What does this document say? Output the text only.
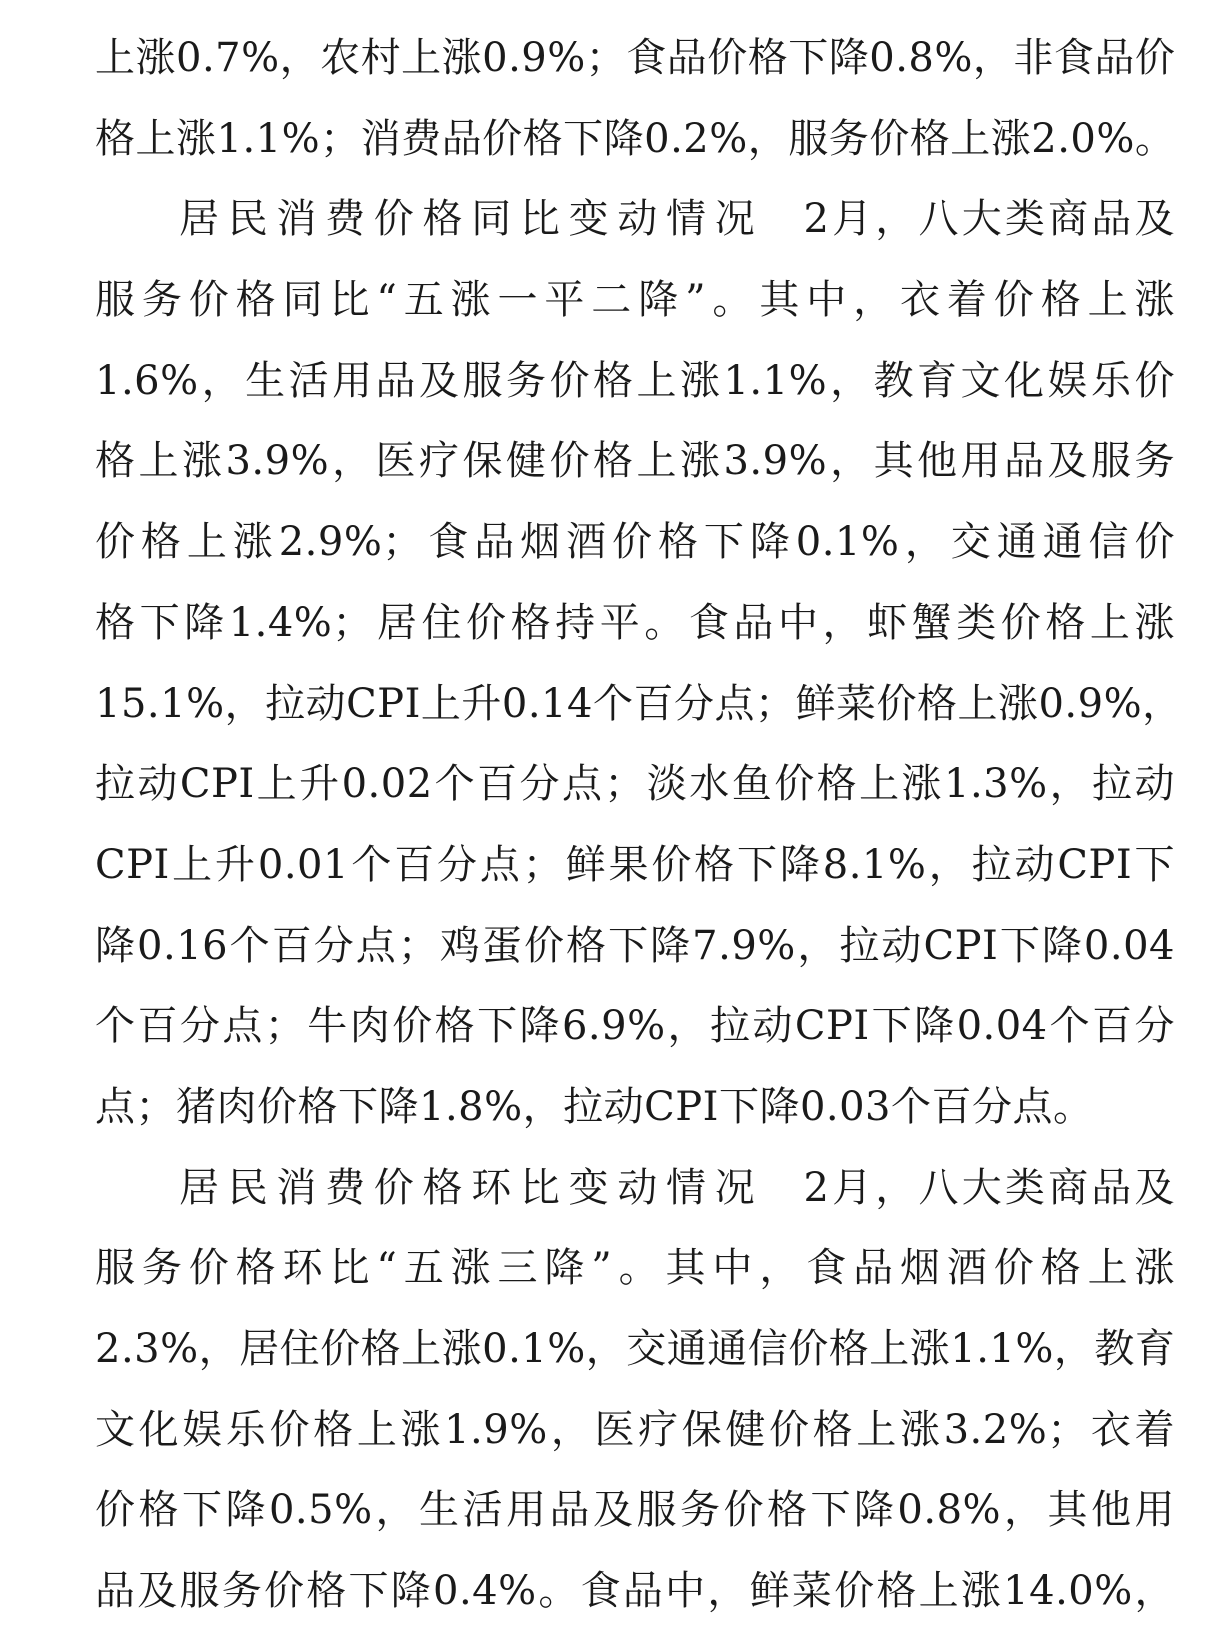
上涨0.7%，农村上涨0.9%；食品价格下降0.8%，非食品价
格上涨1.1%；消费品价格下降0.2%，服务价格上涨2.0%。
居民消费价格同比变动情况 2月，八大类商品及
服务价格同比“五涨一平二降”。其中，衣着价格上涨
1.6%，生活用品及服务价格上涨1.1%，教育文化娱乐价
格上涨3.9%，医疗保健价格上涨3.9%，其他用品及服务
价格上涨2.9%；食品烟酒价格下降0.1%，交通通信价
格下降1.4%；居住价格持平。食品中，虾蟹类价格上涨
15.1%，拉动CPI上升0.14个百分点；鲜菜价格上涨0.9%，
拉动CPI上升0.02个百分点；淡水鱼价格上涨1.3%，拉动
CPI上升0.01个百分点；鲜果价格下降8.1%，拉动CPI下
降0.16个百分点；鸡蛋价格下降7.9%，拉动CPI下降0.04
个百分点；牛肉价格下降6.9%，拉动CPI下降0.04个百分
点；猪肉价格下降1.8%，拉动CPI下降0.03个百分点。
居民消费价格环比变动情况 2月，八大类商品及
服务价格环比“五涨三降”。其中，食品烟酒价格上涨
2.3%，居住价格上涨0.1%，交通通信价格上涨1.1%，教育
文化娱乐价格上涨1.9%，医疗保健价格上涨3.2%；衣着
价格下降0.5%，生活用品及服务价格下降0.8%，其他用
品及服务价格下降0.4%。食品中，鲜菜价格上涨14.0%，
